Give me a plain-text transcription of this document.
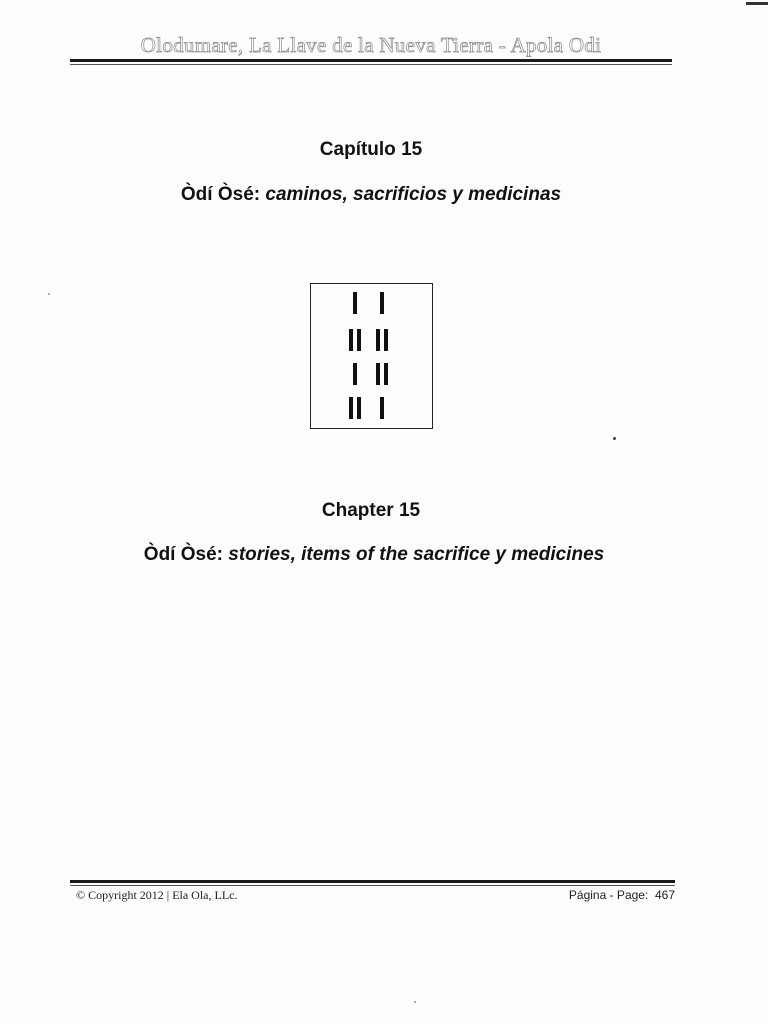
Olodumare, La Llave de la Nueva Tierra - Apola Odi
Capítulo 15
Òdí Òsé: caminos, sacrificios y medicinas
Chapter 15
Òdí Òsé: stories, items of the sacrifice y medicines
© Copyright 2012 | Ela Ola, LLc.	Página - Page: 467
